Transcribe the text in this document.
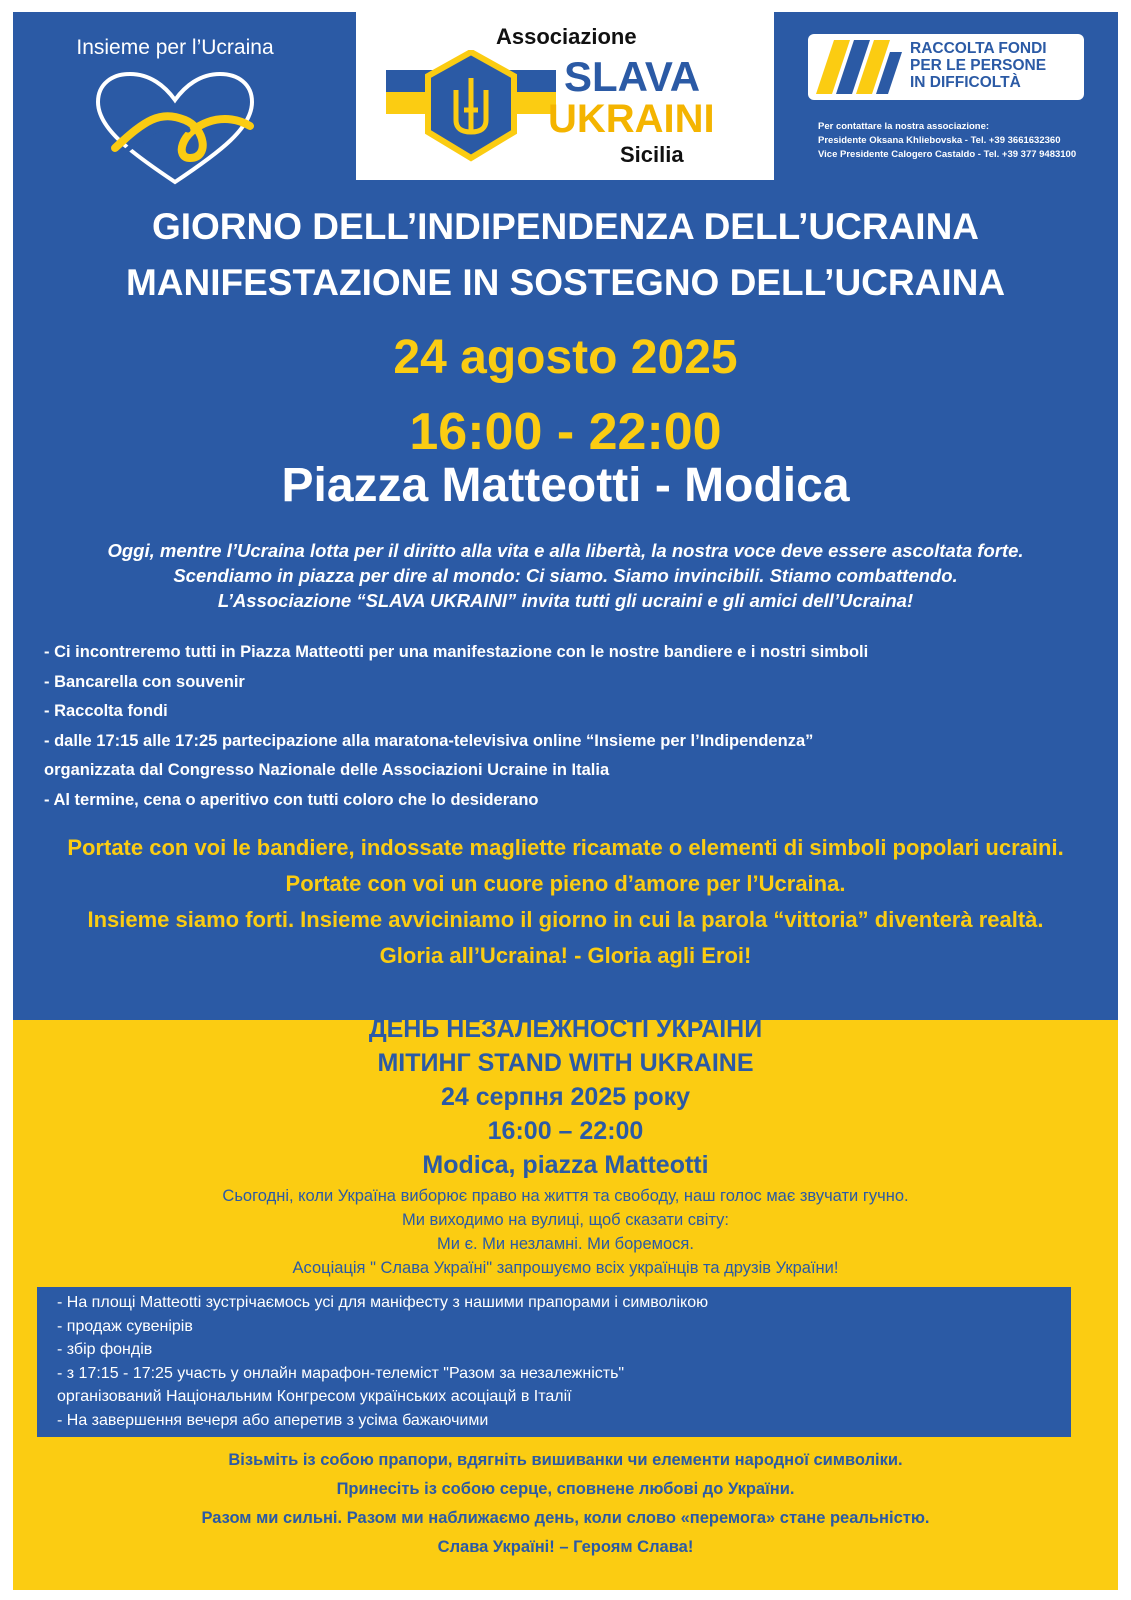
Insieme per l’Ucraina	Associazione
SLAVA
UKRAINI
Sicilia
RACCOLTA FONDI
PER LE PERSONE
IN DIFFICOLTÀ
Per contattare la nostra associazione:
Presidente Oksana Khliebovska - Tel. +39 3661632360
Vice Presidente Calogero Castaldo - Tel. +39 377 9483100
GIORNO DELL’INDIPENDENZA DELL’UCRAINA
MANIFESTAZIONE IN SOSTEGNO DELL’UCRAINA
24 agosto 2025
16:00 - 22:00
Piazza Matteotti - Modica
Oggi, mentre l’Ucraina lotta per il diritto alla vita e alla libertà, la nostra voce deve essere ascoltata forte.
Scendiamo in piazza per dire al mondo: Ci siamo. Siamo invincibili. Stiamo combattendo.
L’Associazione “SLAVA UKRAINI” invita tutti gli ucraini e gli amici dell’Ucraina!
- Ci incontreremo tutti in Piazza Matteotti per una manifestazione con le nostre bandiere e i nostri simboli
- Bancarella con souvenir
- Raccolta fondi
- dalle 17:15 alle 17:25 partecipazione alla maratona-televisiva online “Insieme per l’Indipendenza”
organizzata dal Congresso Nazionale delle Associazioni Ucraine in Italia
- Al termine, cena o aperitivo con tutti coloro che lo desiderano
Portate con voi le bandiere, indossate magliette ricamate o elementi di simboli popolari ucraini.
Portate con voi un cuore pieno d’amore per l’Ucraina.
Insieme siamo forti. Insieme avviciniamo il giorno in cui la parola “vittoria” diventerà realtà.
Gloria all’Ucraina! - Gloria agli Eroi!
ДЕНЬ НЕЗАЛЕЖНОСТІ УКРАЇНИ
МІТИНГ STAND WITH UKRAINE
24 серпня 2025 року
16:00 – 22:00
Modica, piazza Matteotti
Сьогодні, коли Україна виборює право на життя та свободу, наш голос має звучати гучно.
Ми виходимо на вулиці, щоб сказати світу:
Ми є. Ми незламні. Ми боремося.
Асоціація " Слава Україні" запрошуємо всіх українців та друзів України!
- На площі Matteotti зустрічаємось усі для маніфесту з нашими прапорами і символікою
- продаж сувенірів
- збір фондів
- з 17:15 - 17:25 участь у онлайн марафон-телеміст "Разом за незалежність"
організований Національним Конгресом українських асоціацй в Італії
- На завершення вечеря або аперетив з усіма бажаючими
Візьміть із собою прапори, вдягніть вишиванки чи елементи народної символіки.
Принесіть із собою серце, сповнене любові до України.
Разом ми сильні. Разом ми наближаємо день, коли слово «перемога» стане реальністю.
Слава Україні! – Героям Слава!
